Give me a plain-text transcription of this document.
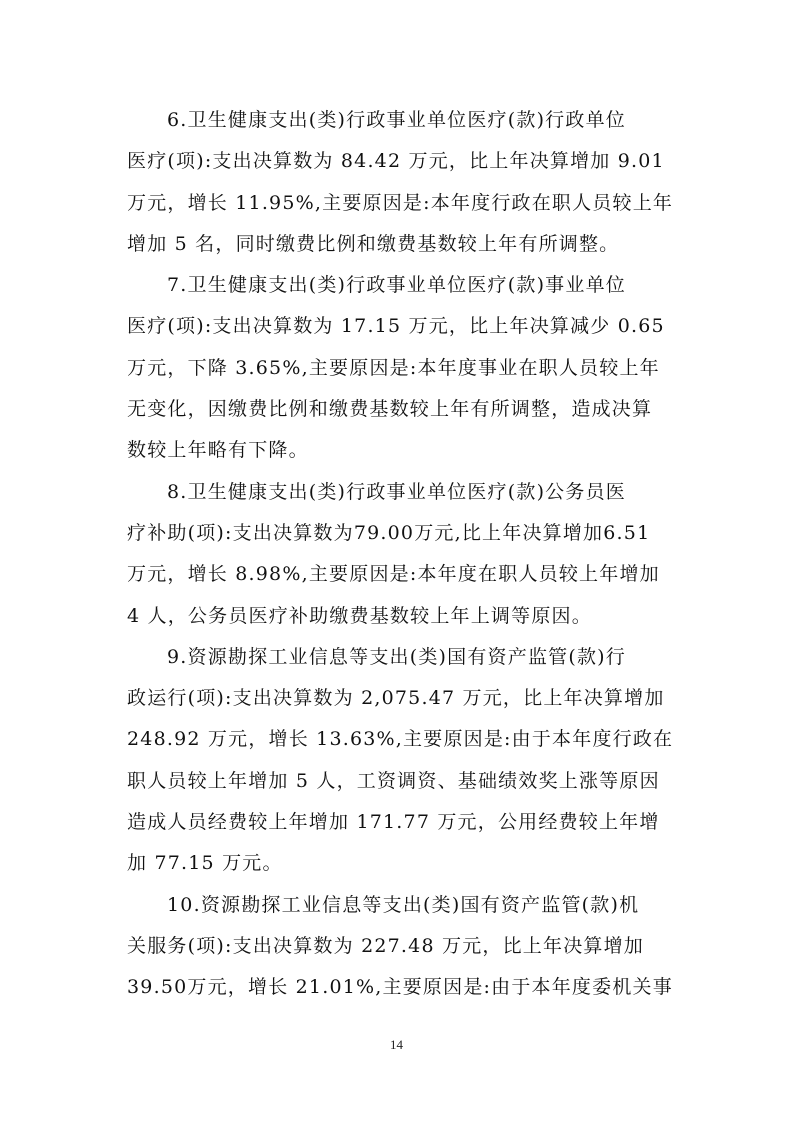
6.卫生健康支出(类)行政事业单位医疗(款)行政单位
医疗(项):支出决算数为 84.42 万元，比上年决算增加 9.01
万元，增长 11.95%,主要原因是:本年度行政在职人员较上年
增加 5 名，同时缴费比例和缴费基数较上年有所调整。

7.卫生健康支出(类)行政事业单位医疗(款)事业单位
医疗(项):支出决算数为 17.15 万元，比上年决算减少 0.65
万元，下降 3.65%,主要原因是:本年度事业在职人员较上年
无变化，因缴费比例和缴费基数较上年有所调整，造成决算
数较上年略有下降。

8.卫生健康支出(类)行政事业单位医疗(款)公务员医
疗补助(项):支出决算数为79.00万元,比上年决算增加6.51
万元，增长 8.98%,主要原因是:本年度在职人员较上年增加
4 人，公务员医疗补助缴费基数较上年上调等原因。

9.资源勘探工业信息等支出(类)国有资产监管(款)行
政运行(项):支出决算数为 2,075.47 万元，比上年决算增加
248.92 万元，增长 13.63%,主要原因是:由于本年度行政在
职人员较上年增加 5 人，工资调资、基础绩效奖上涨等原因
造成人员经费较上年增加 171.77 万元，公用经费较上年增
加 77.15 万元。

10.资源勘探工业信息等支出(类)国有资产监管(款)机
关服务(项):支出决算数为 227.48 万元，比上年决算增加
39.50万元，增长 21.01%,主要原因是:由于本年度委机关事

14
